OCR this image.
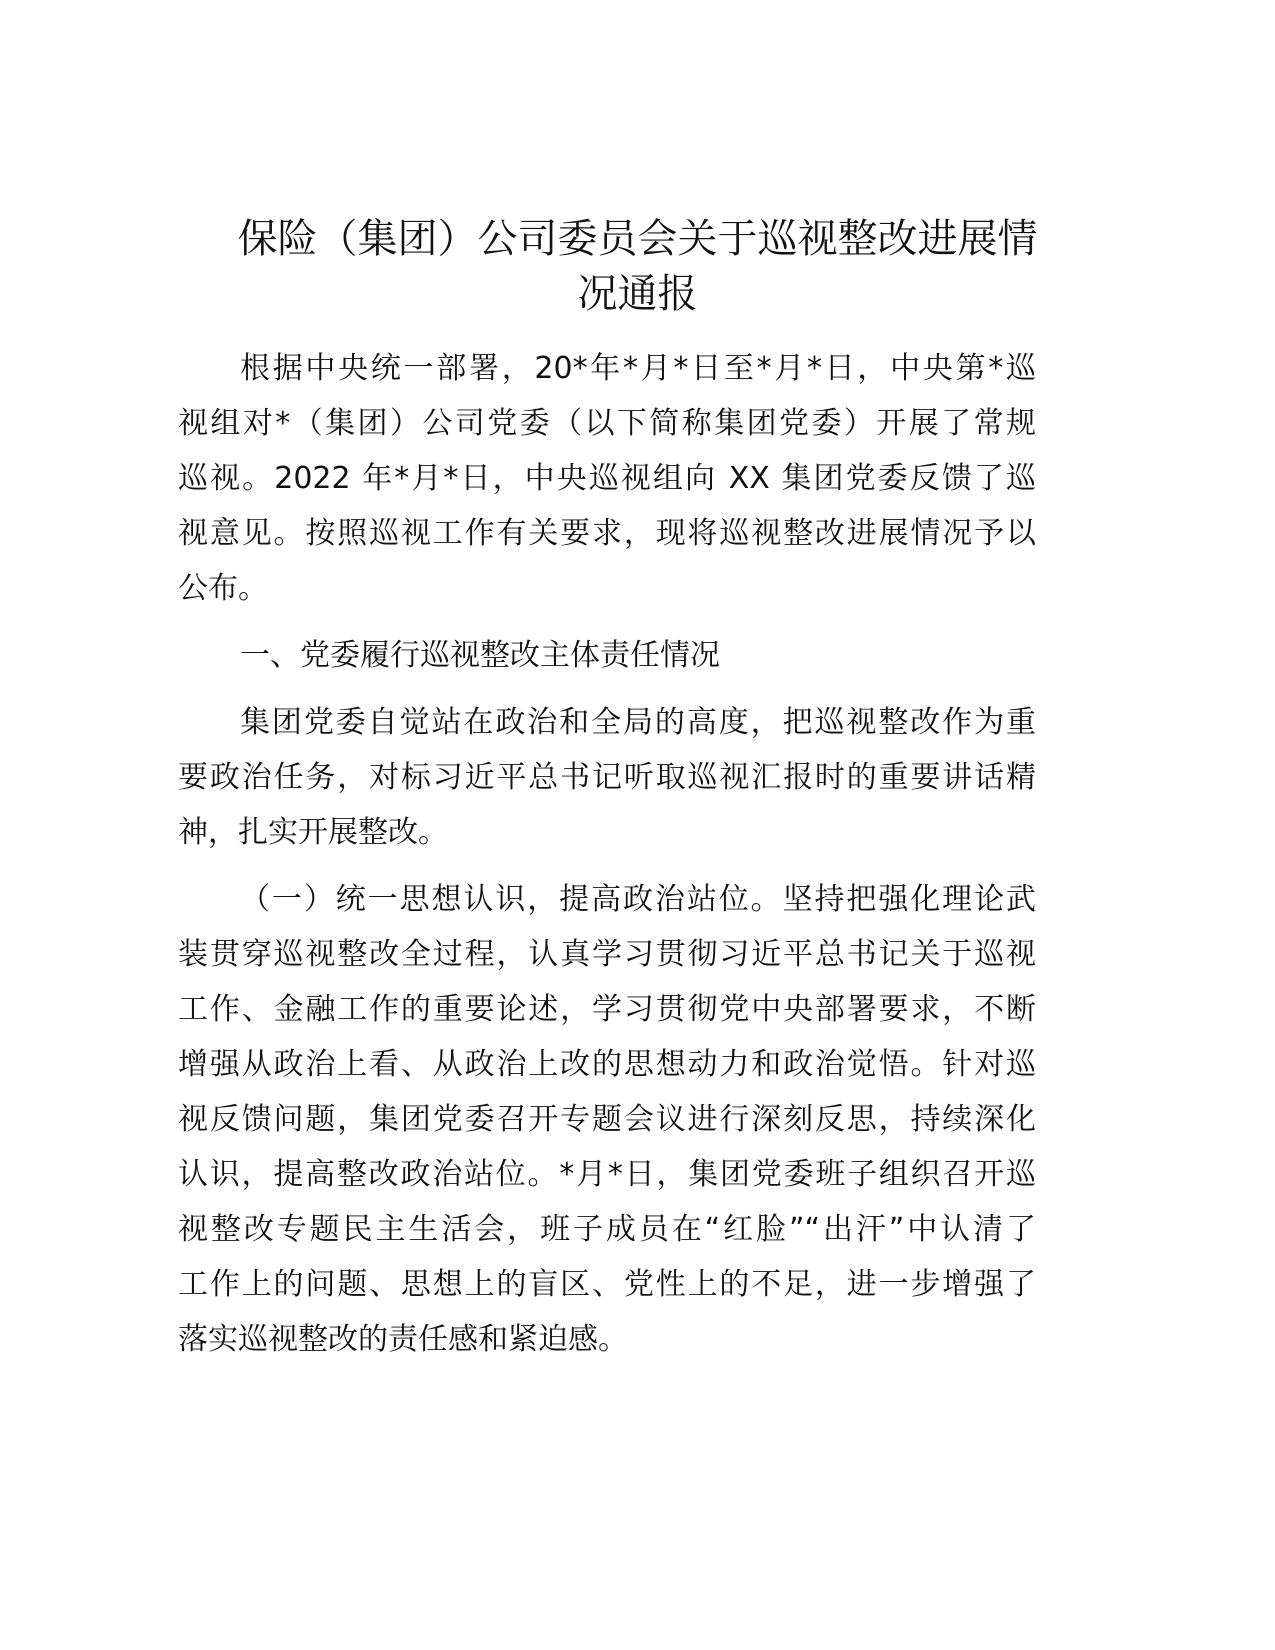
保险（集团）公司委员会关于巡视整改进展情
况通报
根据中央统一部署，20*年*月*日至*月*日，中央第*巡
视组对*（集团）公司党委（以下简称集团党委）开展了常规
巡视。2022 年*月*日，中央巡视组向 XX 集团党委反馈了巡
视意见。按照巡视工作有关要求，现将巡视整改进展情况予以
公布。
一、党委履行巡视整改主体责任情况
集团党委自觉站在政治和全局的高度，把巡视整改作为重
要政治任务，对标习近平总书记听取巡视汇报时的重要讲话精
神，扎实开展整改。
（一）统一思想认识，提高政治站位。坚持把强化理论武
装贯穿巡视整改全过程，认真学习贯彻习近平总书记关于巡视
工作、金融工作的重要论述，学习贯彻党中央部署要求，不断
增强从政治上看、从政治上改的思想动力和政治觉悟。针对巡
视反馈问题，集团党委召开专题会议进行深刻反思，持续深化
认识，提高整改政治站位。*月*日，集团党委班子组织召开巡
视整改专题民主生活会，班子成员在“红脸”“出汗”中认清了
工作上的问题、思想上的盲区、党性上的不足，进一步增强了
落实巡视整改的责任感和紧迫感。
